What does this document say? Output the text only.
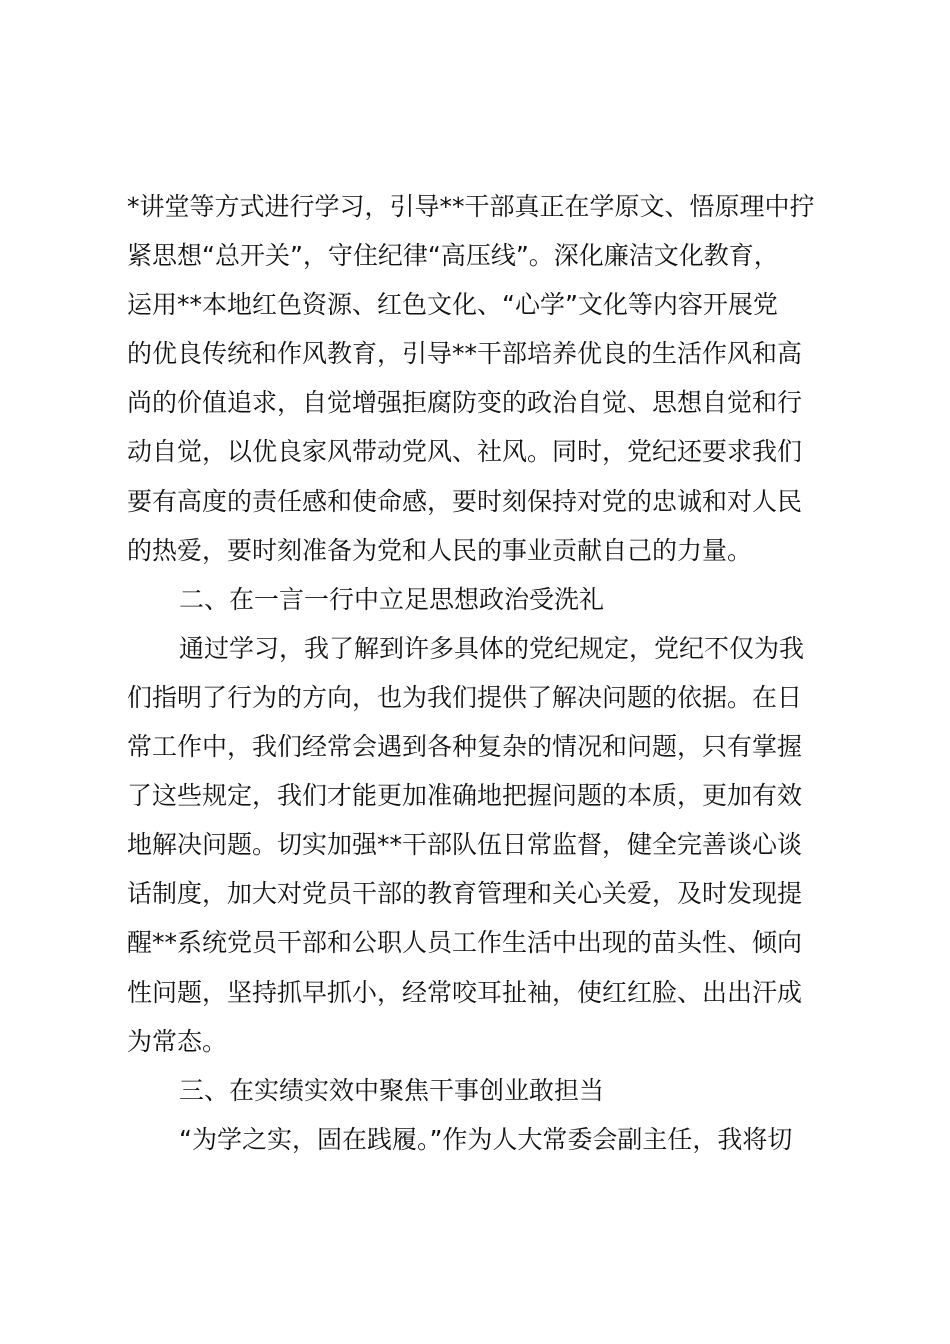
*讲堂等方式进行学习，引导**干部真正在学原文、悟原理中拧
紧思想“总开关”，守住纪律“高压线”。深化廉洁文化教育，
运用**本地红色资源、红色文化、“心学”文化等内容开展党
的优良传统和作风教育，引导**干部培养优良的生活作风和高
尚的价值追求，自觉增强拒腐防变的政治自觉、思想自觉和行
动自觉，以优良家风带动党风、社风。同时，党纪还要求我们
要有高度的责任感和使命感，要时刻保持对党的忠诚和对人民
的热爱，要时刻准备为党和人民的事业贡献自己的力量。
二、在一言一行中立足思想政治受洗礼
通过学习，我了解到许多具体的党纪规定，党纪不仅为我
们指明了行为的方向，也为我们提供了解决问题的依据。在日
常工作中，我们经常会遇到各种复杂的情况和问题，只有掌握
了这些规定，我们才能更加准确地把握问题的本质，更加有效
地解决问题。切实加强**干部队伍日常监督，健全完善谈心谈
话制度，加大对党员干部的教育管理和关心关爱，及时发现提
醒**系统党员干部和公职人员工作生活中出现的苗头性、倾向
性问题，坚持抓早抓小，经常咬耳扯袖，使红红脸、出出汗成
为常态。
三、在实绩实效中聚焦干事创业敢担当
“为学之实，固在践履。”作为人大常委会副主任，我将切
